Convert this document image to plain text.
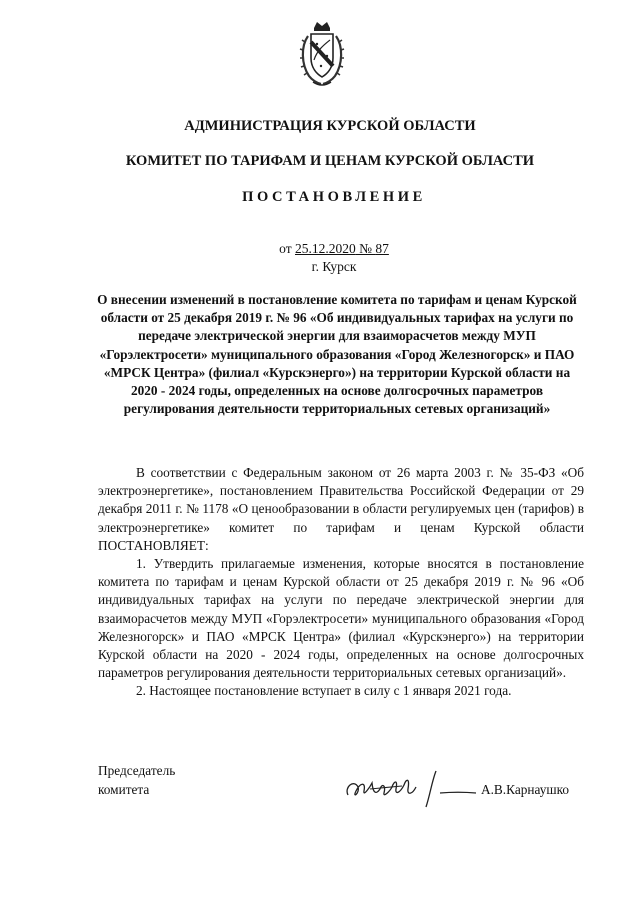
АДМИНИСТРАЦИЯ КУРСКОЙ ОБЛАСТИ
КОМИТЕТ ПО ТАРИФАМ И ЦЕНАМ КУРСКОЙ ОБЛАСТИ
ПОСТАНОВЛЕНИЕ
от 25.12.2020 № 87
г. Курск
О внесении изменений в постановление комитета по тарифам и ценам Курской области от 25 декабря 2019 г. № 96 «Об индивидуальных тарифах на услуги по передаче электрической энергии для взаиморасчетов между МУП «Горэлектросети» муниципального образования «Город Железногорск» и ПАО «МРСК Центра» (филиал «Курскэнерго») на территории Курской области на 2020 - 2024 годы, определенных на основе долгосрочных параметров регулирования деятельности территориальных сетевых организаций»

В соответствии с Федеральным законом от 26 марта 2003 г. № 35-ФЗ «Об электроэнергетике», постановлением Правительства Российской Федерации от 29 декабря 2011 г. № 1178 «О ценообразовании в области регулируемых цен (тарифов) в электроэнергетике» комитет по тарифам и ценам Курской области ПОСТАНОВЛЯЕТ:

1. Утвердить прилагаемые изменения, которые вносятся в постановление комитета по тарифам и ценам Курской области от 25 декабря 2019 г. № 96 «Об индивидуальных тарифах на услуги по передаче электрической энергии для взаиморасчетов между МУП «Горэлектросети» муниципального образования «Город Железногорск» и ПАО «МРСК Центра» (филиал «Курскэнерго») на территории Курской области на 2020 - 2024 годы, определенных на основе долгосрочных параметров регулирования деятельности территориальных сетевых организаций».

2. Настоящее постановление вступает в силу с 1 января 2021 года.

Председатель
комитета	А.В.Карнаушко
